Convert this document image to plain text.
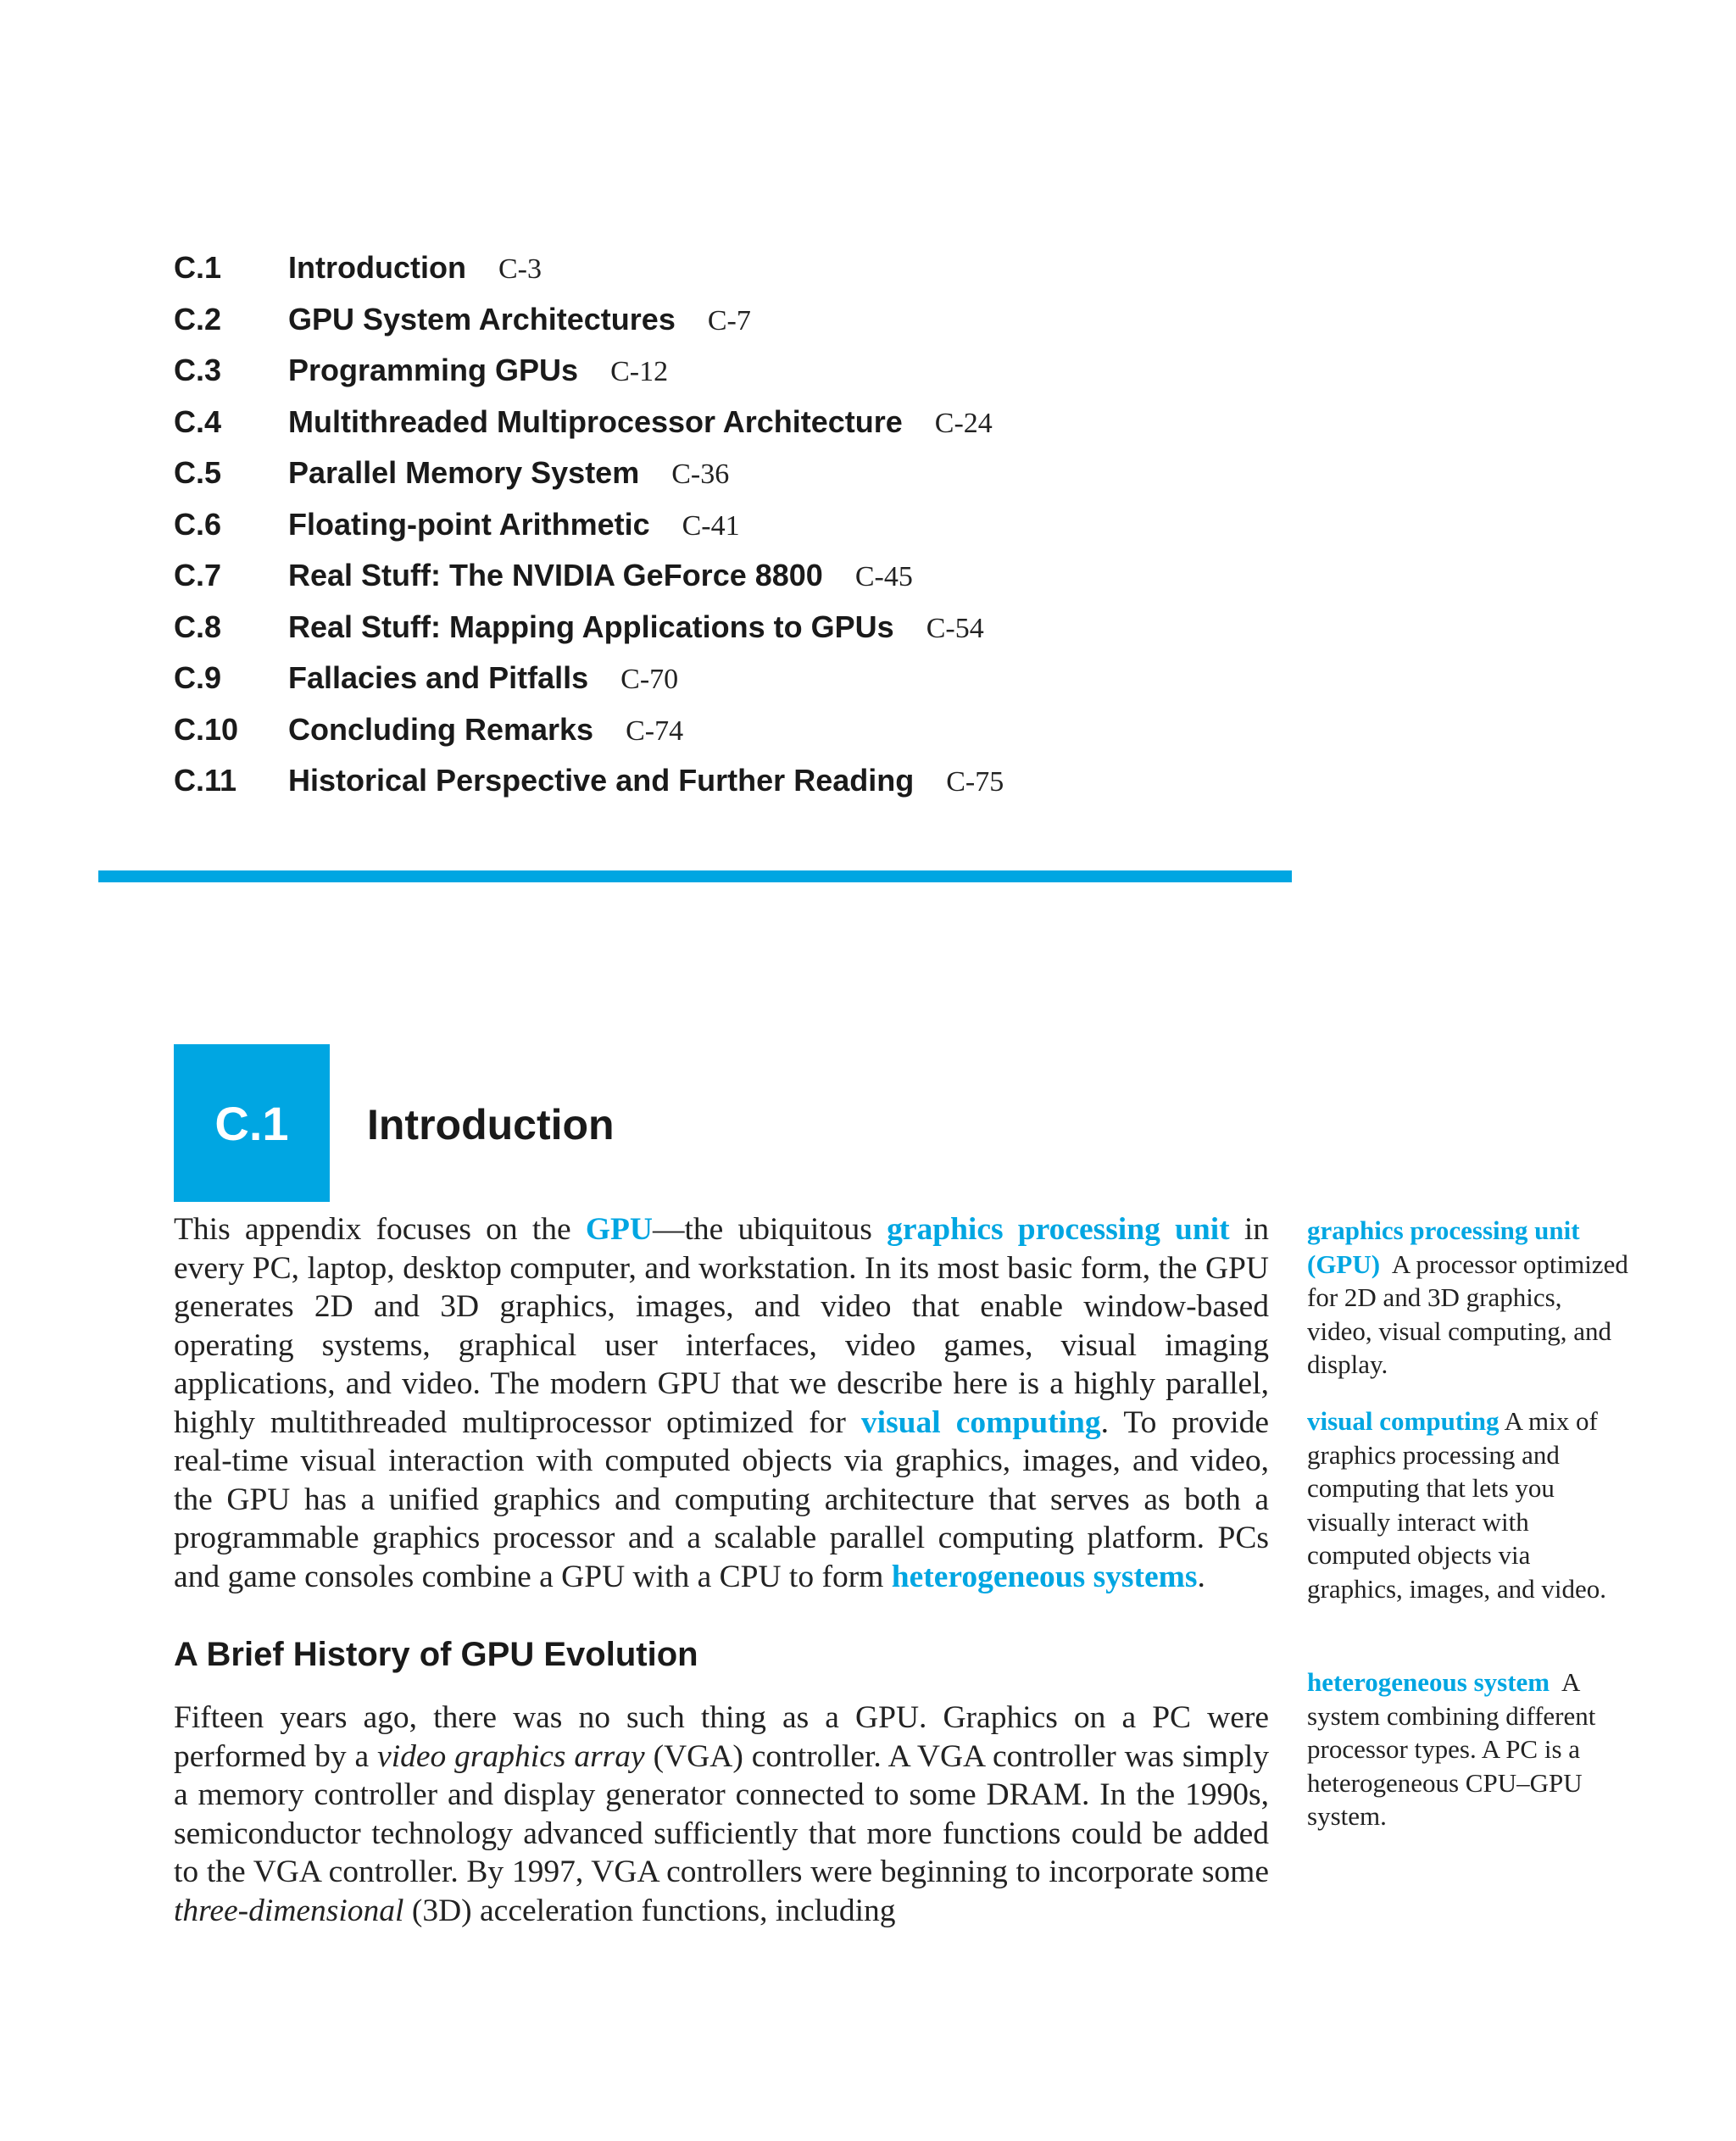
C.1	Introduction C-3
C.2	GPU System Architectures C-7
C.3	Programming GPUs C-12
C.4	Multithreaded Multiprocessor Architecture C-24
C.5	Parallel Memory System C-36
C.6	Floating-point Arithmetic C-41
C.7	Real Stuff: The NVIDIA GeForce 8800 C-45
C.8	Real Stuff: Mapping Applications to GPUs C-54
C.9	Fallacies and Pitfalls C-70
C.10	Concluding Remarks C-74
C.11	Historical Perspective and Further Reading C-75
C.1 Introduction

This appendix focuses on the GPU—the ubiquitous graphics processing unit in every PC, laptop, desktop computer, and workstation. In its most basic form, the GPU generates 2D and 3D graphics, images, and video that enable window-based operating systems, graphical user interfaces, video games, visual imaging applications, and video. The modern GPU that we describe here is a highly parallel, highly multithreaded multiprocessor optimized for visual computing. To provide real-time visual interaction with computed objects via graphics, images, and video, the GPU has a unified graphics and computing architecture that serves as both a programmable graphics processor and a scalable parallel computing platform. PCs and game consoles combine a GPU with a CPU to form heterogeneous systems.

A Brief History of GPU Evolution

Fifteen years ago, there was no such thing as a GPU. Graphics on a PC were performed by a video graphics array (VGA) controller. A VGA controller was simply a memory controller and display generator connected to some DRAM. In the 1990s, semiconductor technology advanced sufficiently that more functions could be added to the VGA controller. By 1997, VGA controllers were beginning to incorporate some three-dimensional (3D) acceleration functions, including

graphics processing unit (GPU) A processor optimized for 2D and 3D graphics, video, visual computing, and display.

visual computing A mix of graphics processing and computing that lets you visually interact with computed objects via graphics, images, and video.

heterogeneous system A system combining different processor types. A PC is a heterogeneous CPU–GPU system.
